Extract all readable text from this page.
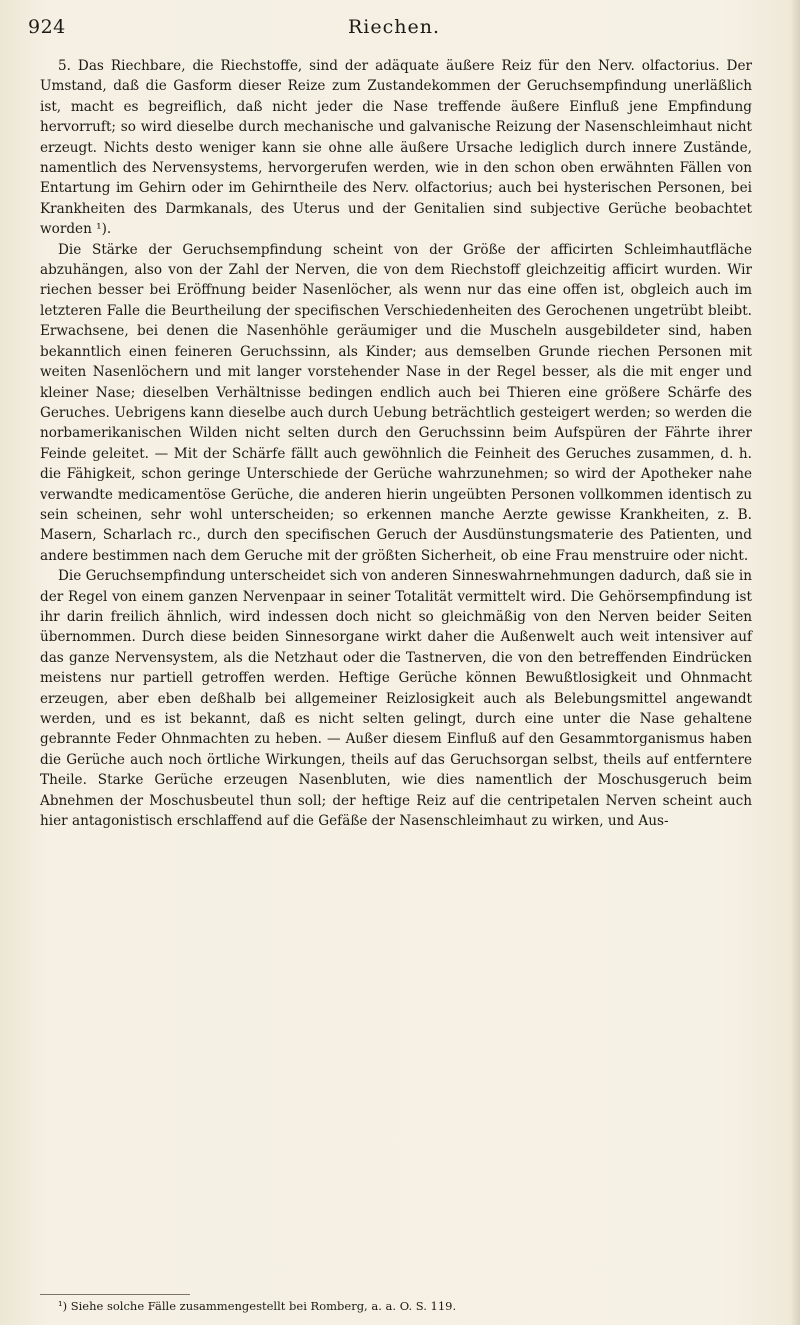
924	Riechen.

5. Das Riechbare, die Riechstoffe, sind der adäquate äußere Reiz für den Nerv. olfactorius. Der Umstand, daß die Gasform dieser Reize zum Zustandekommen der Geruchsempfindung unerläßlich ist, macht es begreiflich, daß nicht jeder die Nase treffende äußere Einfluß jene Empfindung hervorruft; so wird dieselbe durch mechanische und galvanische Reizung der Nasenschleimhaut nicht erzeugt. Nichts desto weniger kann sie ohne alle äußere Ursache lediglich durch innere Zustände, namentlich des Nervensystems, hervorgerufen werden, wie in den schon oben erwähnten Fällen von Entartung im Gehirn oder im Gehirntheile des Nerv. olfactorius; auch bei hysterischen Personen, bei Krankheiten des Darmkanals, des Uterus und der Genitalien sind subjective Gerüche beobachtet worden ¹).

Die Stärke der Geruchsempfindung scheint von der Größe der afficirten Schleimhautfläche abzuhängen, also von der Zahl der Nerven, die von dem Riechstoff gleichzeitig afficirt wurden. Wir riechen besser bei Eröffnung beider Nasenlöcher, als wenn nur das eine offen ist, obgleich auch im letzteren Falle die Beurtheilung der specifischen Verschiedenheiten des Gerochenen ungetrübt bleibt. Erwachsene, bei denen die Nasenhöhle geräumiger und die Muscheln ausgebildeter sind, haben bekanntlich einen feineren Geruchssinn, als Kinder; aus demselben Grunde riechen Personen mit weiten Nasenlöchern und mit langer vorstehender Nase in der Regel besser, als die mit enger und kleiner Nase; dieselben Verhältnisse bedingen endlich auch bei Thieren eine größere Schärfe des Geruches. Uebrigens kann dieselbe auch durch Uebung beträchtlich gesteigert werden; so werden die norbamerikanischen Wilden nicht selten durch den Geruchssinn beim Aufspüren der Fährte ihrer Feinde geleitet. — Mit der Schärfe fällt auch gewöhnlich die Feinheit des Geruches zusammen, d. h. die Fähigkeit, schon geringe Unterschiede der Gerüche wahrzunehmen; so wird der Apotheker nahe verwandte medicamentöse Gerüche, die anderen hierin ungeübten Personen vollkommen identisch zu sein scheinen, sehr wohl unterscheiden; so erkennen manche Aerzte gewisse Krankheiten, z. B. Masern, Scharlach rc., durch den specifischen Geruch der Ausdünstungsmaterie des Patienten, und andere bestimmen nach dem Geruche mit der größten Sicherheit, ob eine Frau menstruire oder nicht.

Die Geruchsempfindung unterscheidet sich von anderen Sinneswahrnehmungen dadurch, daß sie in der Regel von einem ganzen Nervenpaar in seiner Totalität vermittelt wird. Die Gehörsempfindung ist ihr darin freilich ähnlich, wird indessen doch nicht so gleichmäßig von den Nerven beider Seiten übernommen. Durch diese beiden Sinnesorgane wirkt daher die Außenwelt auch weit intensiver auf das ganze Nervensystem, als die Netzhaut oder die Tastnerven, die von den betreffenden Eindrücken meistens nur partiell getroffen werden. Heftige Gerüche können Bewußtlosigkeit und Ohnmacht erzeugen, aber eben deßhalb bei allgemeiner Reizlosigkeit auch als Belebungsmittel angewandt werden, und es ist bekannt, daß es nicht selten gelingt, durch eine unter die Nase gehaltene gebrannte Feder Ohnmachten zu heben. — Außer diesem Einfluß auf den Gesammtorganismus haben die Gerüche auch noch örtliche Wirkungen, theils auf das Geruchsorgan selbst, theils auf entferntere Theile. Starke Gerüche erzeugen Nasenbluten, wie dies namentlich der Moschusgeruch beim Abnehmen der Moschusbeutel thun soll; der heftige Reiz auf die centripetalen Nerven scheint auch hier antagonistisch erschlaffend auf die Gefäße der Nasenschleimhaut zu wirken, und Aus-

¹) Siehe solche Fälle zusammengestellt bei Romberg, a. a. O. S. 119.
